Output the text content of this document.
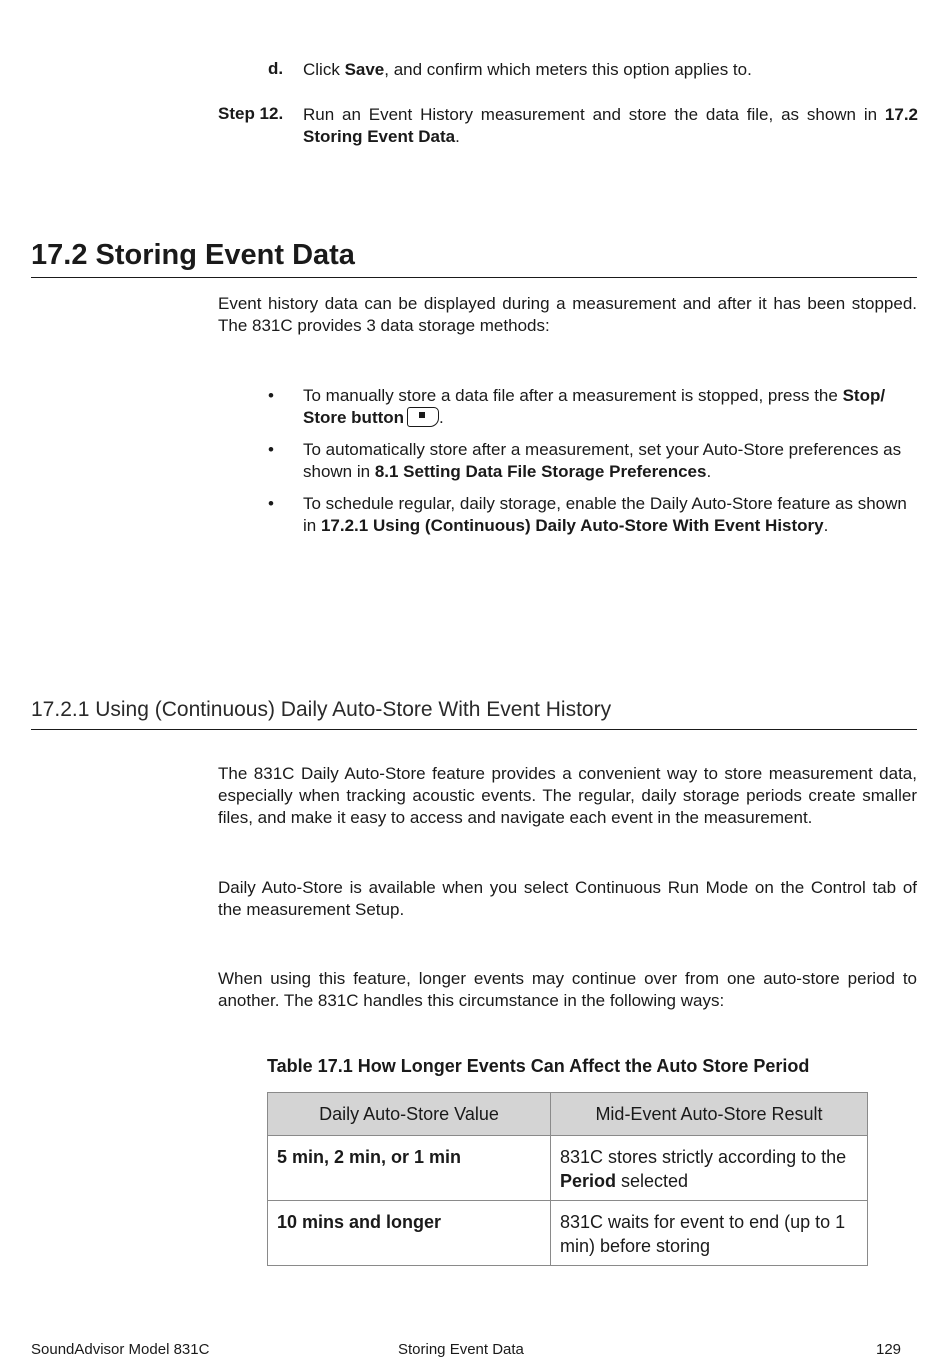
d. Click Save, and confirm which meters this option applies to.
Step 12. Run an Event History measurement and store the data file, as shown in 17.2 Storing Event Data.
17.2 Storing Event Data
Event history data can be displayed during a measurement and after it has been stopped. The 831C provides 3 data storage methods:
• To manually store a data file after a measurement is stopped, press the Stop/ Store button .
• To automatically store after a measurement, set your Auto-Store preferences as shown in 8.1 Setting Data File Storage Preferences.
• To schedule regular, daily storage, enable the Daily Auto-Store feature as shown in 17.2.1 Using (Continuous) Daily Auto-Store With Event History.
17.2.1 Using (Continuous) Daily Auto-Store With Event History
The 831C Daily Auto-Store feature provides a convenient way to store measurement data, especially when tracking acoustic events. The regular, daily storage periods create smaller files, and make it easy to access and navigate each event in the measurement.
Daily Auto-Store is available when you select Continuous Run Mode on the Control tab of the measurement Setup.
When using this feature, longer events may continue over from one auto-store period to another. The 831C handles this circumstance in the following ways:
Table 17.1 How Longer Events Can Affect the Auto Store Period
Daily Auto-Store Value	Mid-Event Auto-Store Result
5 min, 2 min, or 1 min	831C stores strictly according to the Period selected
10 mins and longer	831C waits for event to end (up to 1 min) before storing
SoundAdvisor Model 831C	Storing Event Data	129
